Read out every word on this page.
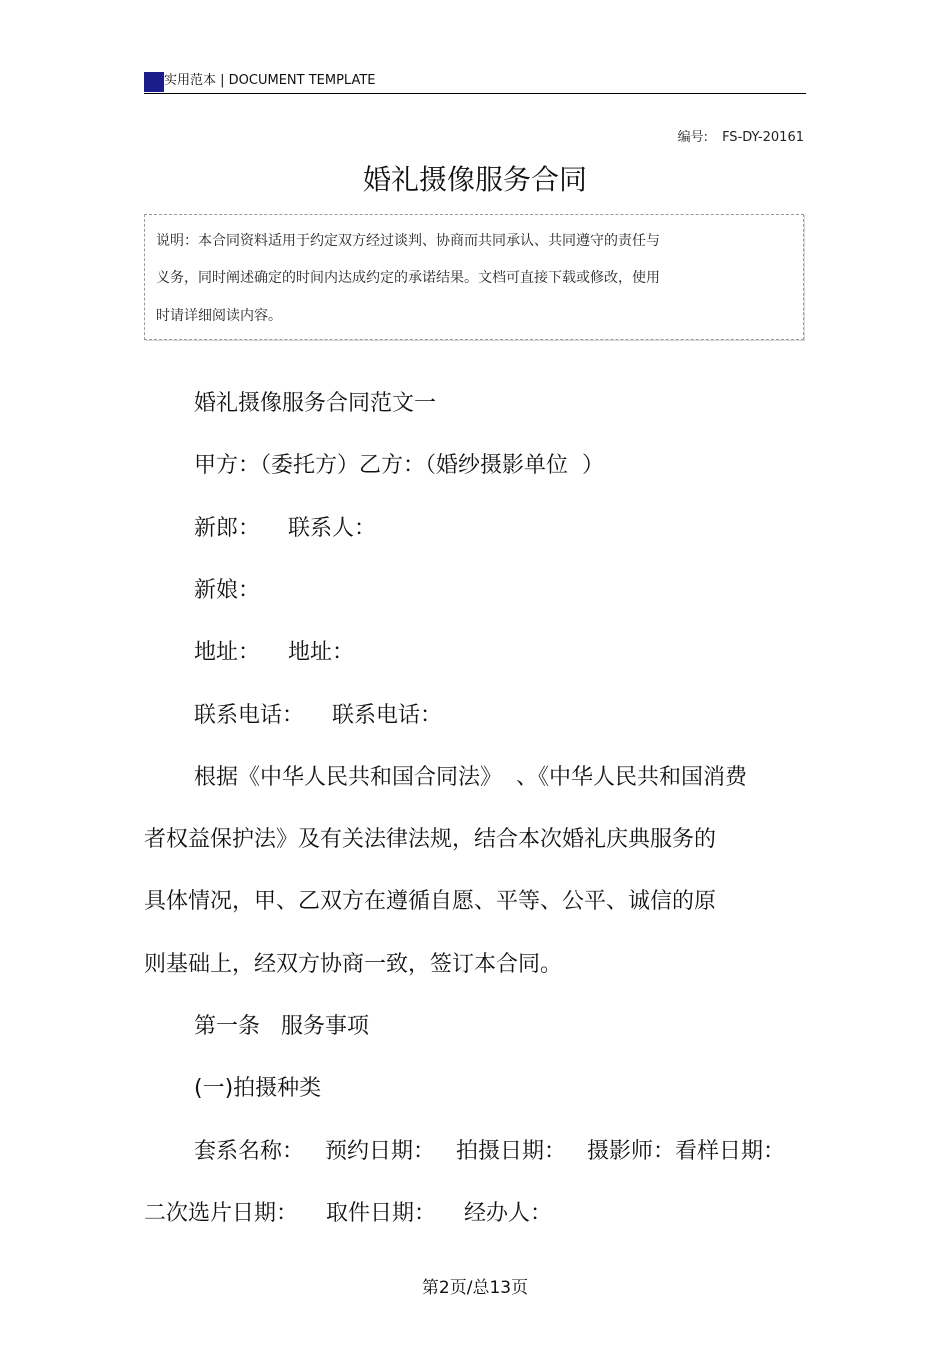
实用范本 | DOCUMENT TEMPLATE
编号: FS-DY-20161
婚礼摄像服务合同
说明：本合同资料适用于约定双方经过谈判、协商而共同承认、共同遵守的责任与
义务，同时阐述确定的时间内达成约定的承诺结果。文档可直接下载或修改，使用
时请详细阅读内容。
婚礼摄像服务合同范文一
甲方：（委托方）乙方：（婚纱摄影单位  ）
新郎：    联系人：
新娘：
地址：    地址：
联系电话：    联系电话：
根据《中华人民共和国合同法》  、《中华人民共和国消费
者权益保护法》及有关法律法规，结合本次婚礼庆典服务的
具体情况，甲、乙双方在遵循自愿、平等、公平、诚信的原
则基础上，经双方协商一致，签订本合同。
第一条   服务事项
(一)拍摄种类
套系名称：   预约日期：   拍摄日期：   摄影师：看样日期：
二次选片日期：    取件日期：    经办人：
第2页/总13页
